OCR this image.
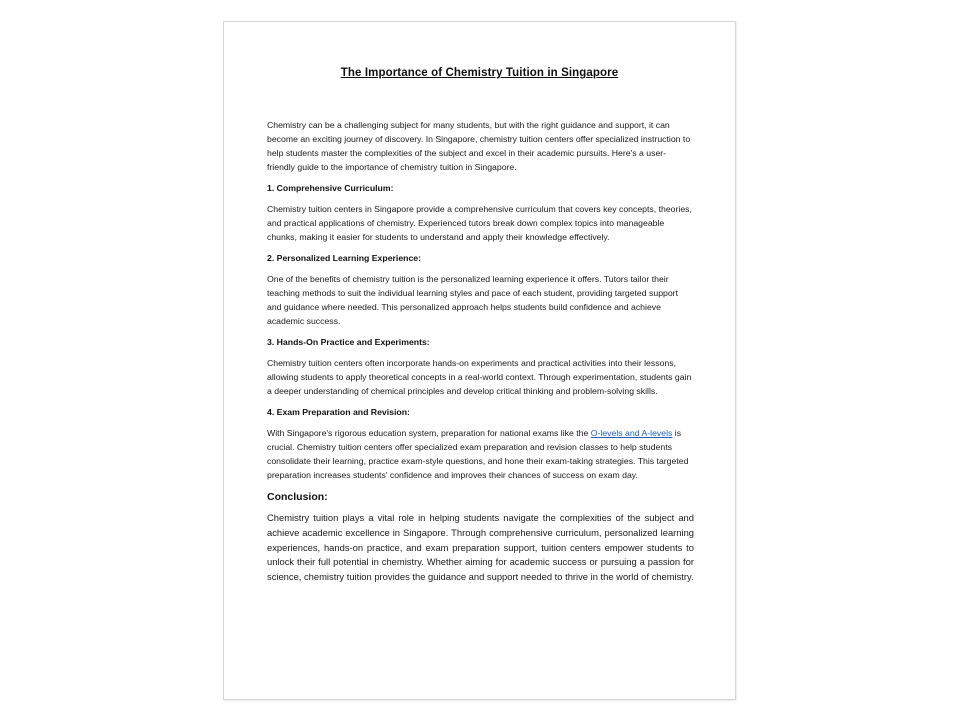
The Importance of Chemistry Tuition in Singapore

Chemistry can be a challenging subject for many students, but with the right guidance and support, it can become an exciting journey of discovery. In Singapore, chemistry tuition centers offer specialized instruction to help students master the complexities of the subject and excel in their academic pursuits. Here's a user-friendly guide to the importance of chemistry tuition in Singapore.

1. Comprehensive Curriculum:

Chemistry tuition centers in Singapore provide a comprehensive curriculum that covers key concepts, theories, and practical applications of chemistry. Experienced tutors break down complex topics into manageable chunks, making it easier for students to understand and apply their knowledge effectively.

2. Personalized Learning Experience:

One of the benefits of chemistry tuition is the personalized learning experience it offers. Tutors tailor their teaching methods to suit the individual learning styles and pace of each student, providing targeted support and guidance where needed. This personalized approach helps students build confidence and achieve academic success.

3. Hands-On Practice and Experiments:

Chemistry tuition centers often incorporate hands-on experiments and practical activities into their lessons, allowing students to apply theoretical concepts in a real-world context. Through experimentation, students gain a deeper understanding of chemical principles and develop critical thinking and problem-solving skills.

4. Exam Preparation and Revision:

With Singapore's rigorous education system, preparation for national exams like the O-levels and A-levels is crucial. Chemistry tuition centers offer specialized exam preparation and revision classes to help students consolidate their learning, practice exam-style questions, and hone their exam-taking strategies. This targeted preparation increases students' confidence and improves their chances of success on exam day.

Conclusion:

Chemistry tuition plays a vital role in helping students navigate the complexities of the subject and achieve academic excellence in Singapore. Through comprehensive curriculum, personalized learning experiences, hands-on practice, and exam preparation support, tuition centers empower students to unlock their full potential in chemistry. Whether aiming for academic success or pursuing a passion for science, chemistry tuition provides the guidance and support needed to thrive in the world of chemistry.
